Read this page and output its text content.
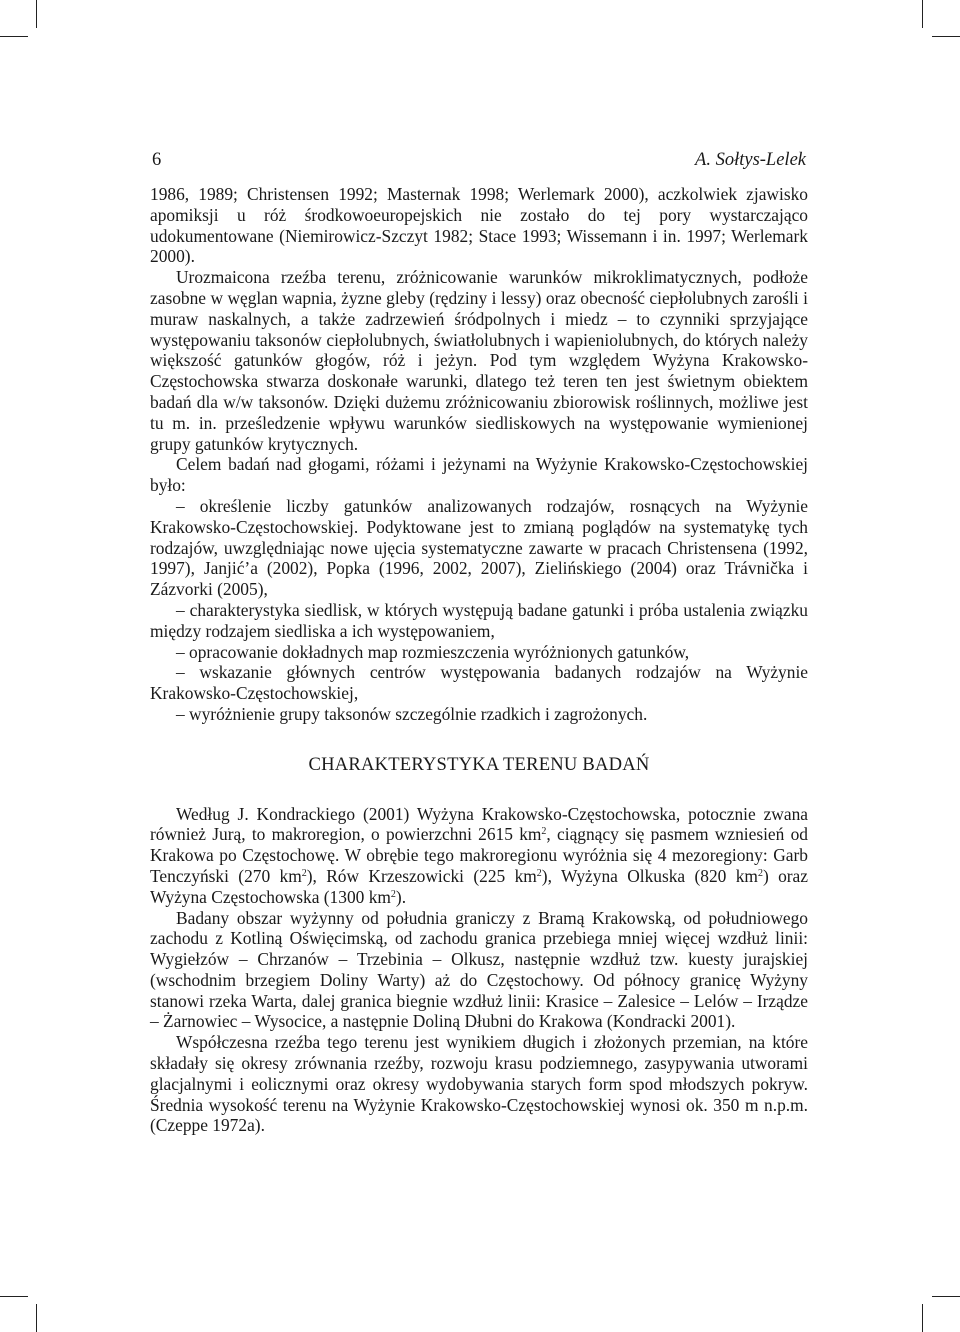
6	A. Sołtys-Lelek

1986, 1989; Christensen 1992; Masternak 1998; Werlemark 2000), aczkolwiek zjawisko apomiksji u róż środkowoeuropejskich nie zostało do tej pory wystarczająco udokumentowane (Niemirowicz-Szczyt 1982; Stace 1993; Wissemann i in. 1997; Werlemark 2000).

Urozmaicona rzeźba terenu, zróżnicowanie warunków mikroklimatycznych, podłoże zasobne w węglan wapnia, żyzne gleby (rędziny i lessy) oraz obecność ciepłolubnych zarośli i muraw naskalnych, a także zadrzewień śródpolnych i miedz – to czynniki sprzyjające występowaniu taksonów ciepłolubnych, światłolubnych i wapieniolubnych, do których należy większość gatunków głogów, róż i jeżyn. Pod tym względem Wyżyna Krakowsko-Częstochowska stwarza doskonałe warunki, dlatego też teren ten jest świetnym obiektem badań dla w/w taksonów. Dzięki dużemu zróżnicowaniu zbiorowisk roślinnych, możliwe jest tu m. in. prześledzenie wpływu warunków siedliskowych na występowanie wymienionej grupy gatunków krytycznych.

Celem badań nad głogami, różami i jeżynami na Wyżynie Krakowsko-Częstochowskiej było:

– określenie liczby gatunków analizowanych rodzajów, rosnących na Wyżynie Krakowsko-Częstochowskiej. Podyktowane jest to zmianą poglądów na systematykę tych rodzajów, uwzględniając nowe ujęcia systematyczne zawarte w pracach Christensena (1992, 1997), Janjić’a (2002), Popka (1996, 2002, 2007), Zielińskiego (2004) oraz Trávnička i Zázvorki (2005),

– charakterystyka siedlisk, w których występują badane gatunki i próba ustalenia związku między rodzajem siedliska a ich występowaniem,

– opracowanie dokładnych map rozmieszczenia wyróżnionych gatunków,

– wskazanie głównych centrów występowania badanych rodzajów na Wyżynie Krakowsko-Częstochowskiej,

– wyróżnienie grupy taksonów szczególnie rzadkich i zagrożonych.

CHARAKTERYSTYKA TERENU BADAŃ

Według J. Kondrackiego (2001) Wyżyna Krakowsko-Częstochowska, potocznie zwana również Jurą, to makroregion, o powierzchni 2615 $km^2$, ciągnący się pasmem wzniesień od Krakowa po Częstochowę. W obrębie tego makroregionu wyróżnia się 4 mezoregiony: Garb Tenczyński (270 $km^2$), Rów Krzeszowicki (225 $km^2$), Wyżyna Olkuska (820 $km^2$) oraz Wyżyna Częstochowska (1300 $km^2$).

Badany obszar wyżynny od południa graniczy z Bramą Krakowską, od południowego zachodu z Kotliną Oświęcimską, od zachodu granica przebiega mniej więcej wzdłuż linii: Wygiełzów – Chrzanów – Trzebinia – Olkusz, następnie wzdłuż tzw. kuesty jurajskiej (wschodnim brzegiem Doliny Warty) aż do Częstochowy. Od północy granicę Wyżyny stanowi rzeka Warta, dalej granica biegnie wzdłuż linii: Krasice – Zalesice – Lelów – Irządze – Żarnowiec – Wysocice, a następnie Doliną Dłubni do Krakowa (Kondracki 2001).

Współczesna rzeźba tego terenu jest wynikiem długich i złożonych przemian, na które składały się okresy zrównania rzeźby, rozwoju krasu podziemnego, zasypywania utworami glacjalnymi i eolicznymi oraz okresy wydobywania starych form spod młodszych pokryw. Średnia wysokość terenu na Wyżynie Krakowsko-Częstochowskiej wynosi ok. 350 m n.p.m. (Czeppe 1972a).
